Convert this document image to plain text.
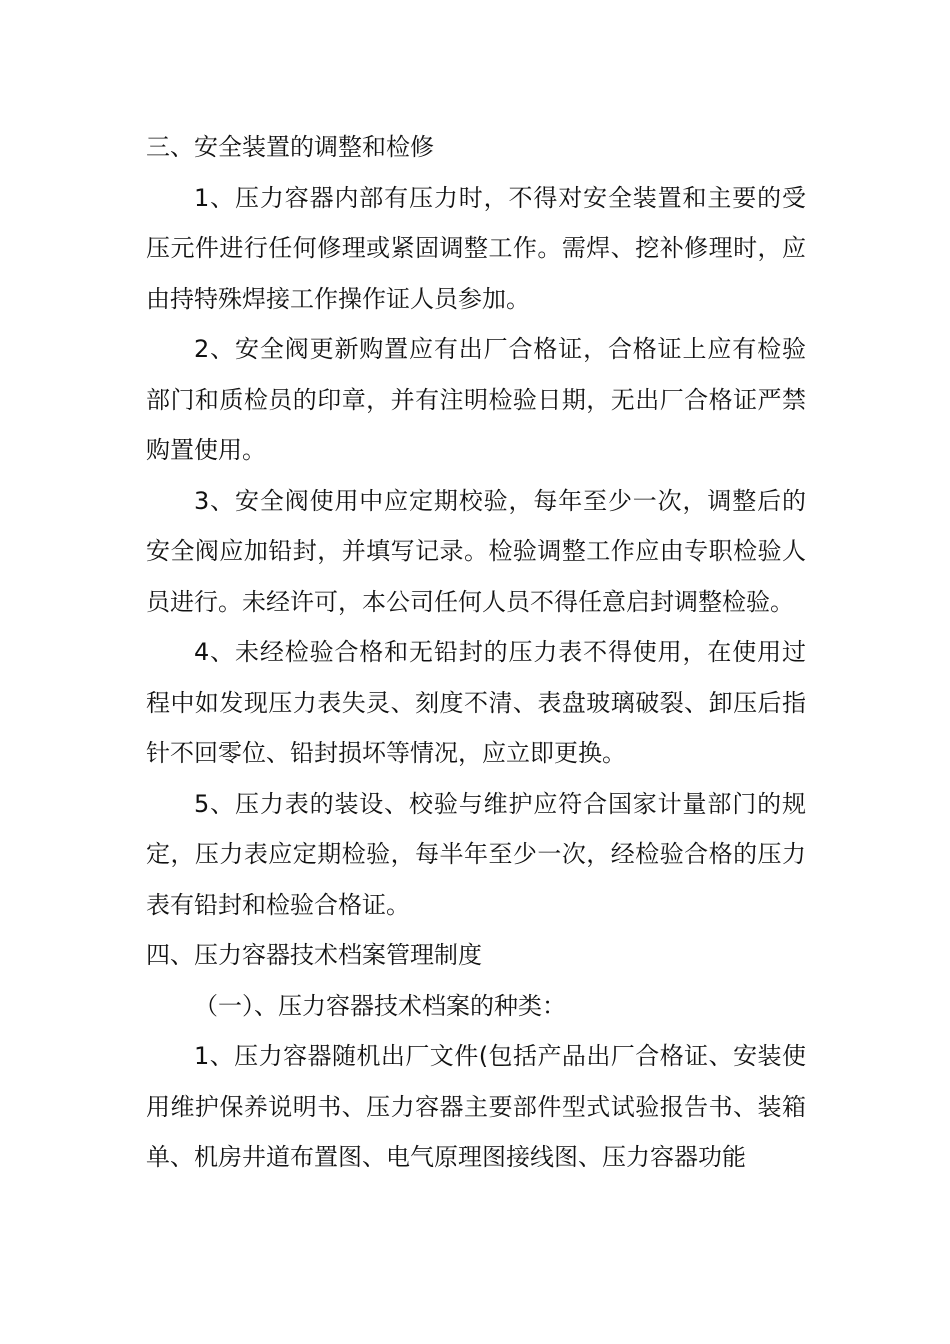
三、安全装置的调整和检修

1、压力容器内部有压力时，不得对安全装置和主要的受压元件进行任何修理或紧固调整工作。需焊、挖补修理时，应由持特殊焊接工作操作证人员参加。

2、安全阀更新购置应有出厂合格证，合格证上应有检验部门和质检员的印章，并有注明检验日期，无出厂合格证严禁购置使用。

3、安全阀使用中应定期校验，每年至少一次，调整后的安全阀应加铅封，并填写记录。检验调整工作应由专职检验人员进行。未经许可，本公司任何人员不得任意启封调整检验。

4、未经检验合格和无铅封的压力表不得使用，在使用过程中如发现压力表失灵、刻度不清、表盘玻璃破裂、卸压后指针不回零位、铅封损坏等情况，应立即更换。

5、压力表的装设、校验与维护应符合国家计量部门的规定，压力表应定期检验，每半年至少一次，经检验合格的压力表有铅封和检验合格证。

四、压力容器技术档案管理制度

（一）、压力容器技术档案的种类：

1、压力容器随机出厂文件(包括产品出厂合格证、安装使用维护保养说明书、压力容器主要部件型式试验报告书、装箱单、机房井道布置图、电气原理图接线图、压力容器功能
